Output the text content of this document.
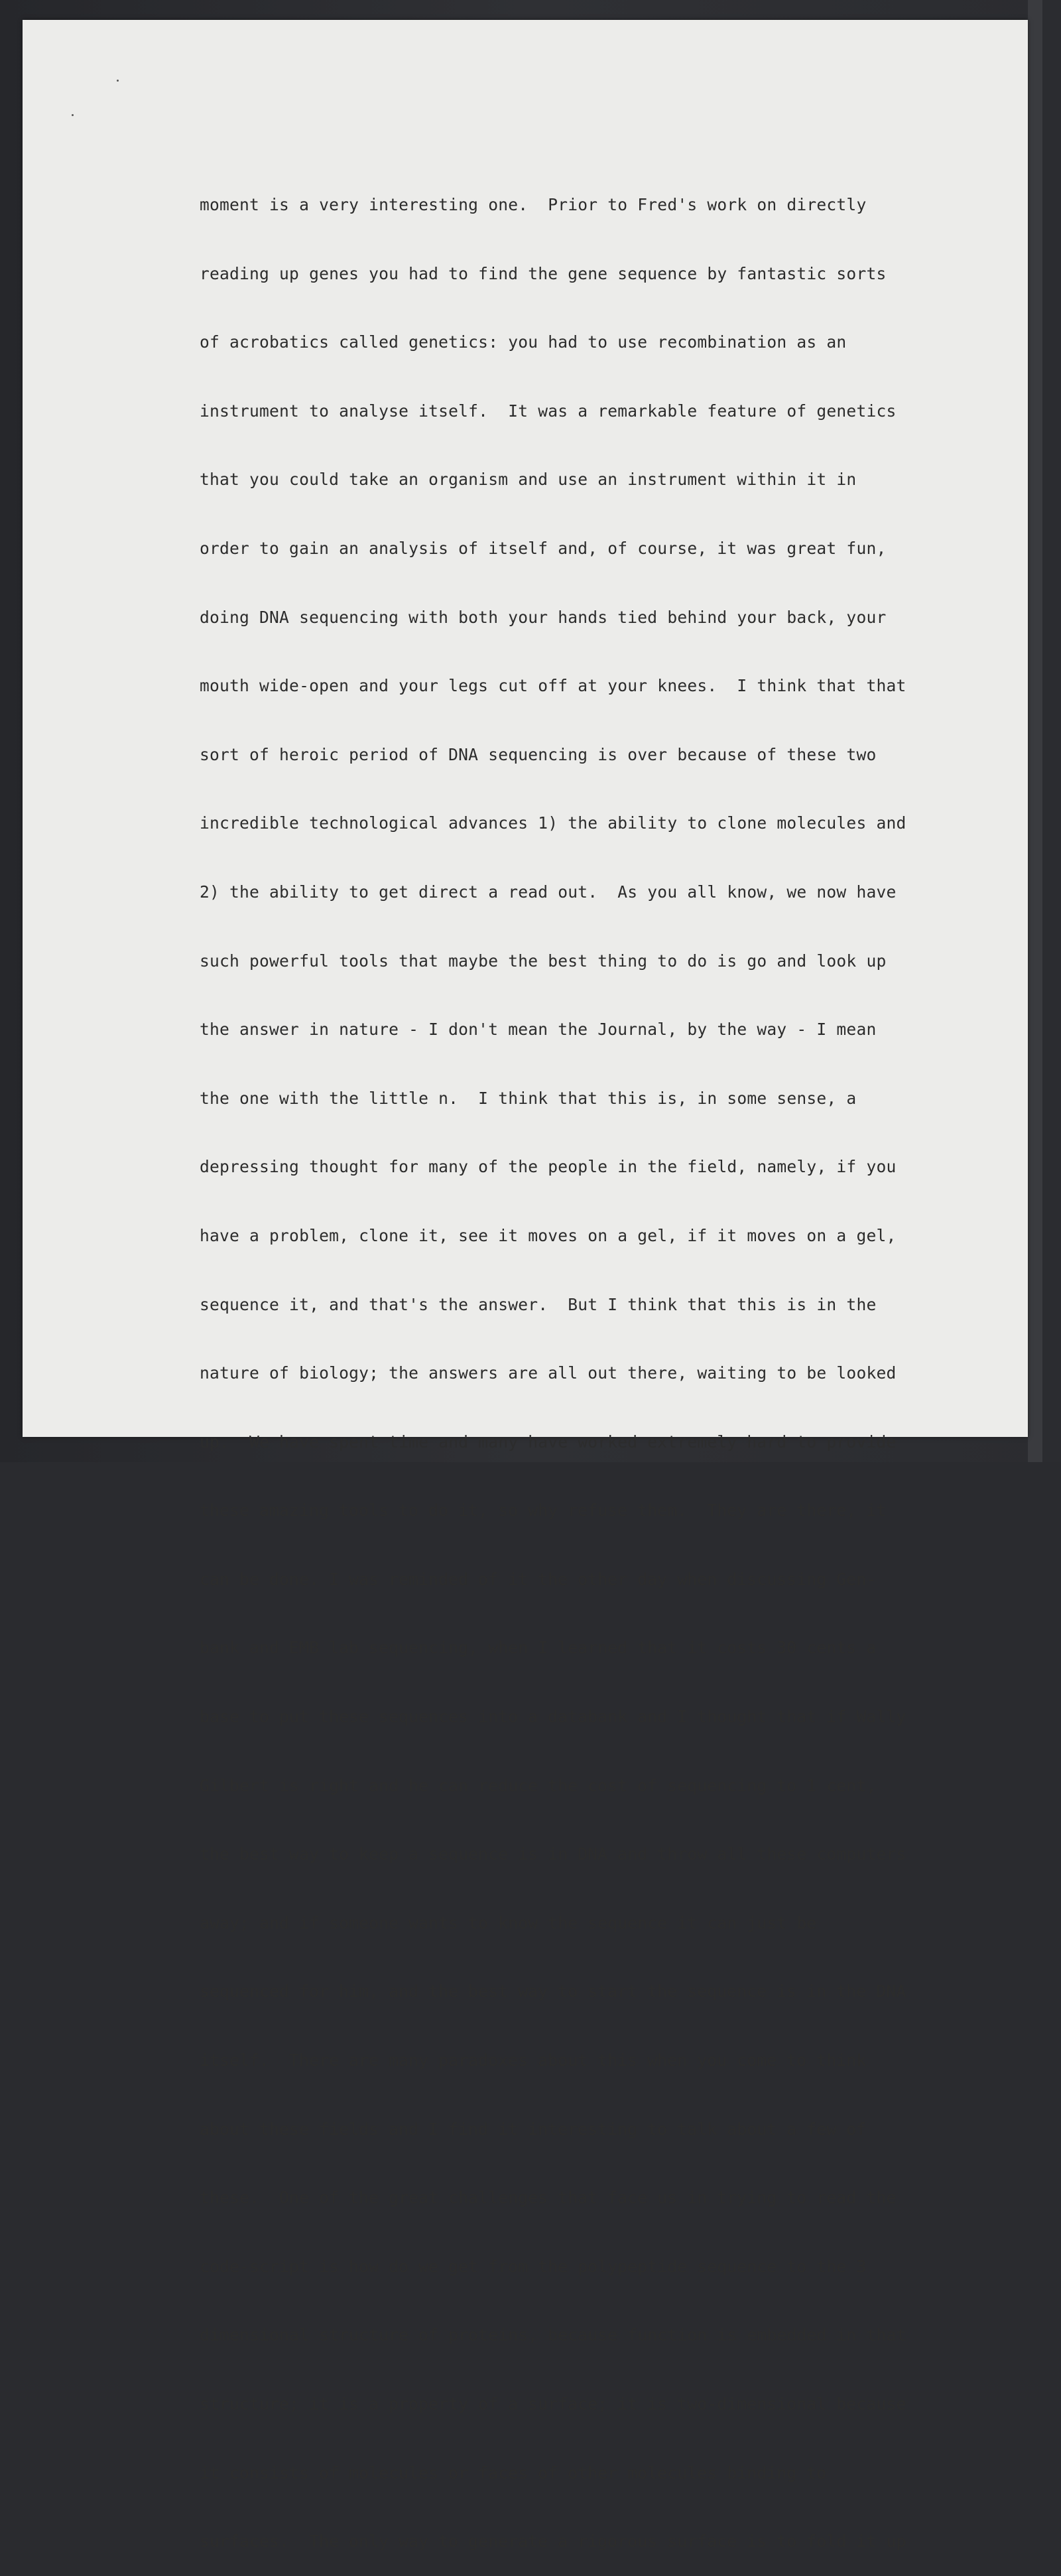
moment is a very interesting one.  Prior to Fred's work on directly

reading up genes you had to find the gene sequence by fantastic sorts

of acrobatics called genetics: you had to use recombination as an

instrument to analyse itself.  It was a remarkable feature of genetics

that you could take an organism and use an instrument within it in

order to gain an analysis of itself and, of course, it was great fun,

doing DNA sequencing with both your hands tied behind your back, your

mouth wide-open and your legs cut off at your knees.  I think that that

sort of heroic period of DNA sequencing is over because of these two

incredible technological advances 1) the ability to clone molecules and

2) the ability to get direct a read out.  As you all know, we now have

such powerful tools that maybe the best thing to do is go and look up

the answer in nature - I don't mean the Journal, by the way - I mean

the one with the little n.  I think that this is, in some sense, a

depressing thought for many of the people in the field, namely, if you

have a problem, clone it, see it moves on a gel, if it moves on a gel,

sequence it, and that's the answer.  But I think that this is in the

nature of biology; the answers are all out there, waiting to be looked

up.  We have spent time and many have worked extremely hard to provide

these amazing tools to do it, so why refuse them.  They are there, it

can be done. I was reminded of it the other day when discussing Gen-

bank and EMB lab sequencing, when I learned that it costs 30 cents a

base to put these sequences into a databank and I thought that if Wally

Gilbert is right and he can reduce the cost of sequencing to 1 cent,

the best way to keep a sequence is in DNA and throw all these computers

away; and if someone wants to know the sequence it can just be

sequenced for him, and the best way to start the sequence is in the DNA

itself.  There are many paradoxes about this when you come to think

about these fields and I find it interesting to talk about a few of

these.  One of the great challenges that face us in trying to read the

code-script is how do we get from the polypeptide sequence to the 3

dimensional structure of proteins, because function is embedded in that

structure; it is a property of a surface; it is two-dimensional because

it consists of molecules or faces of other molecules binding to

surfaces.  The only way to generate a rigorous surface is to fold it up
